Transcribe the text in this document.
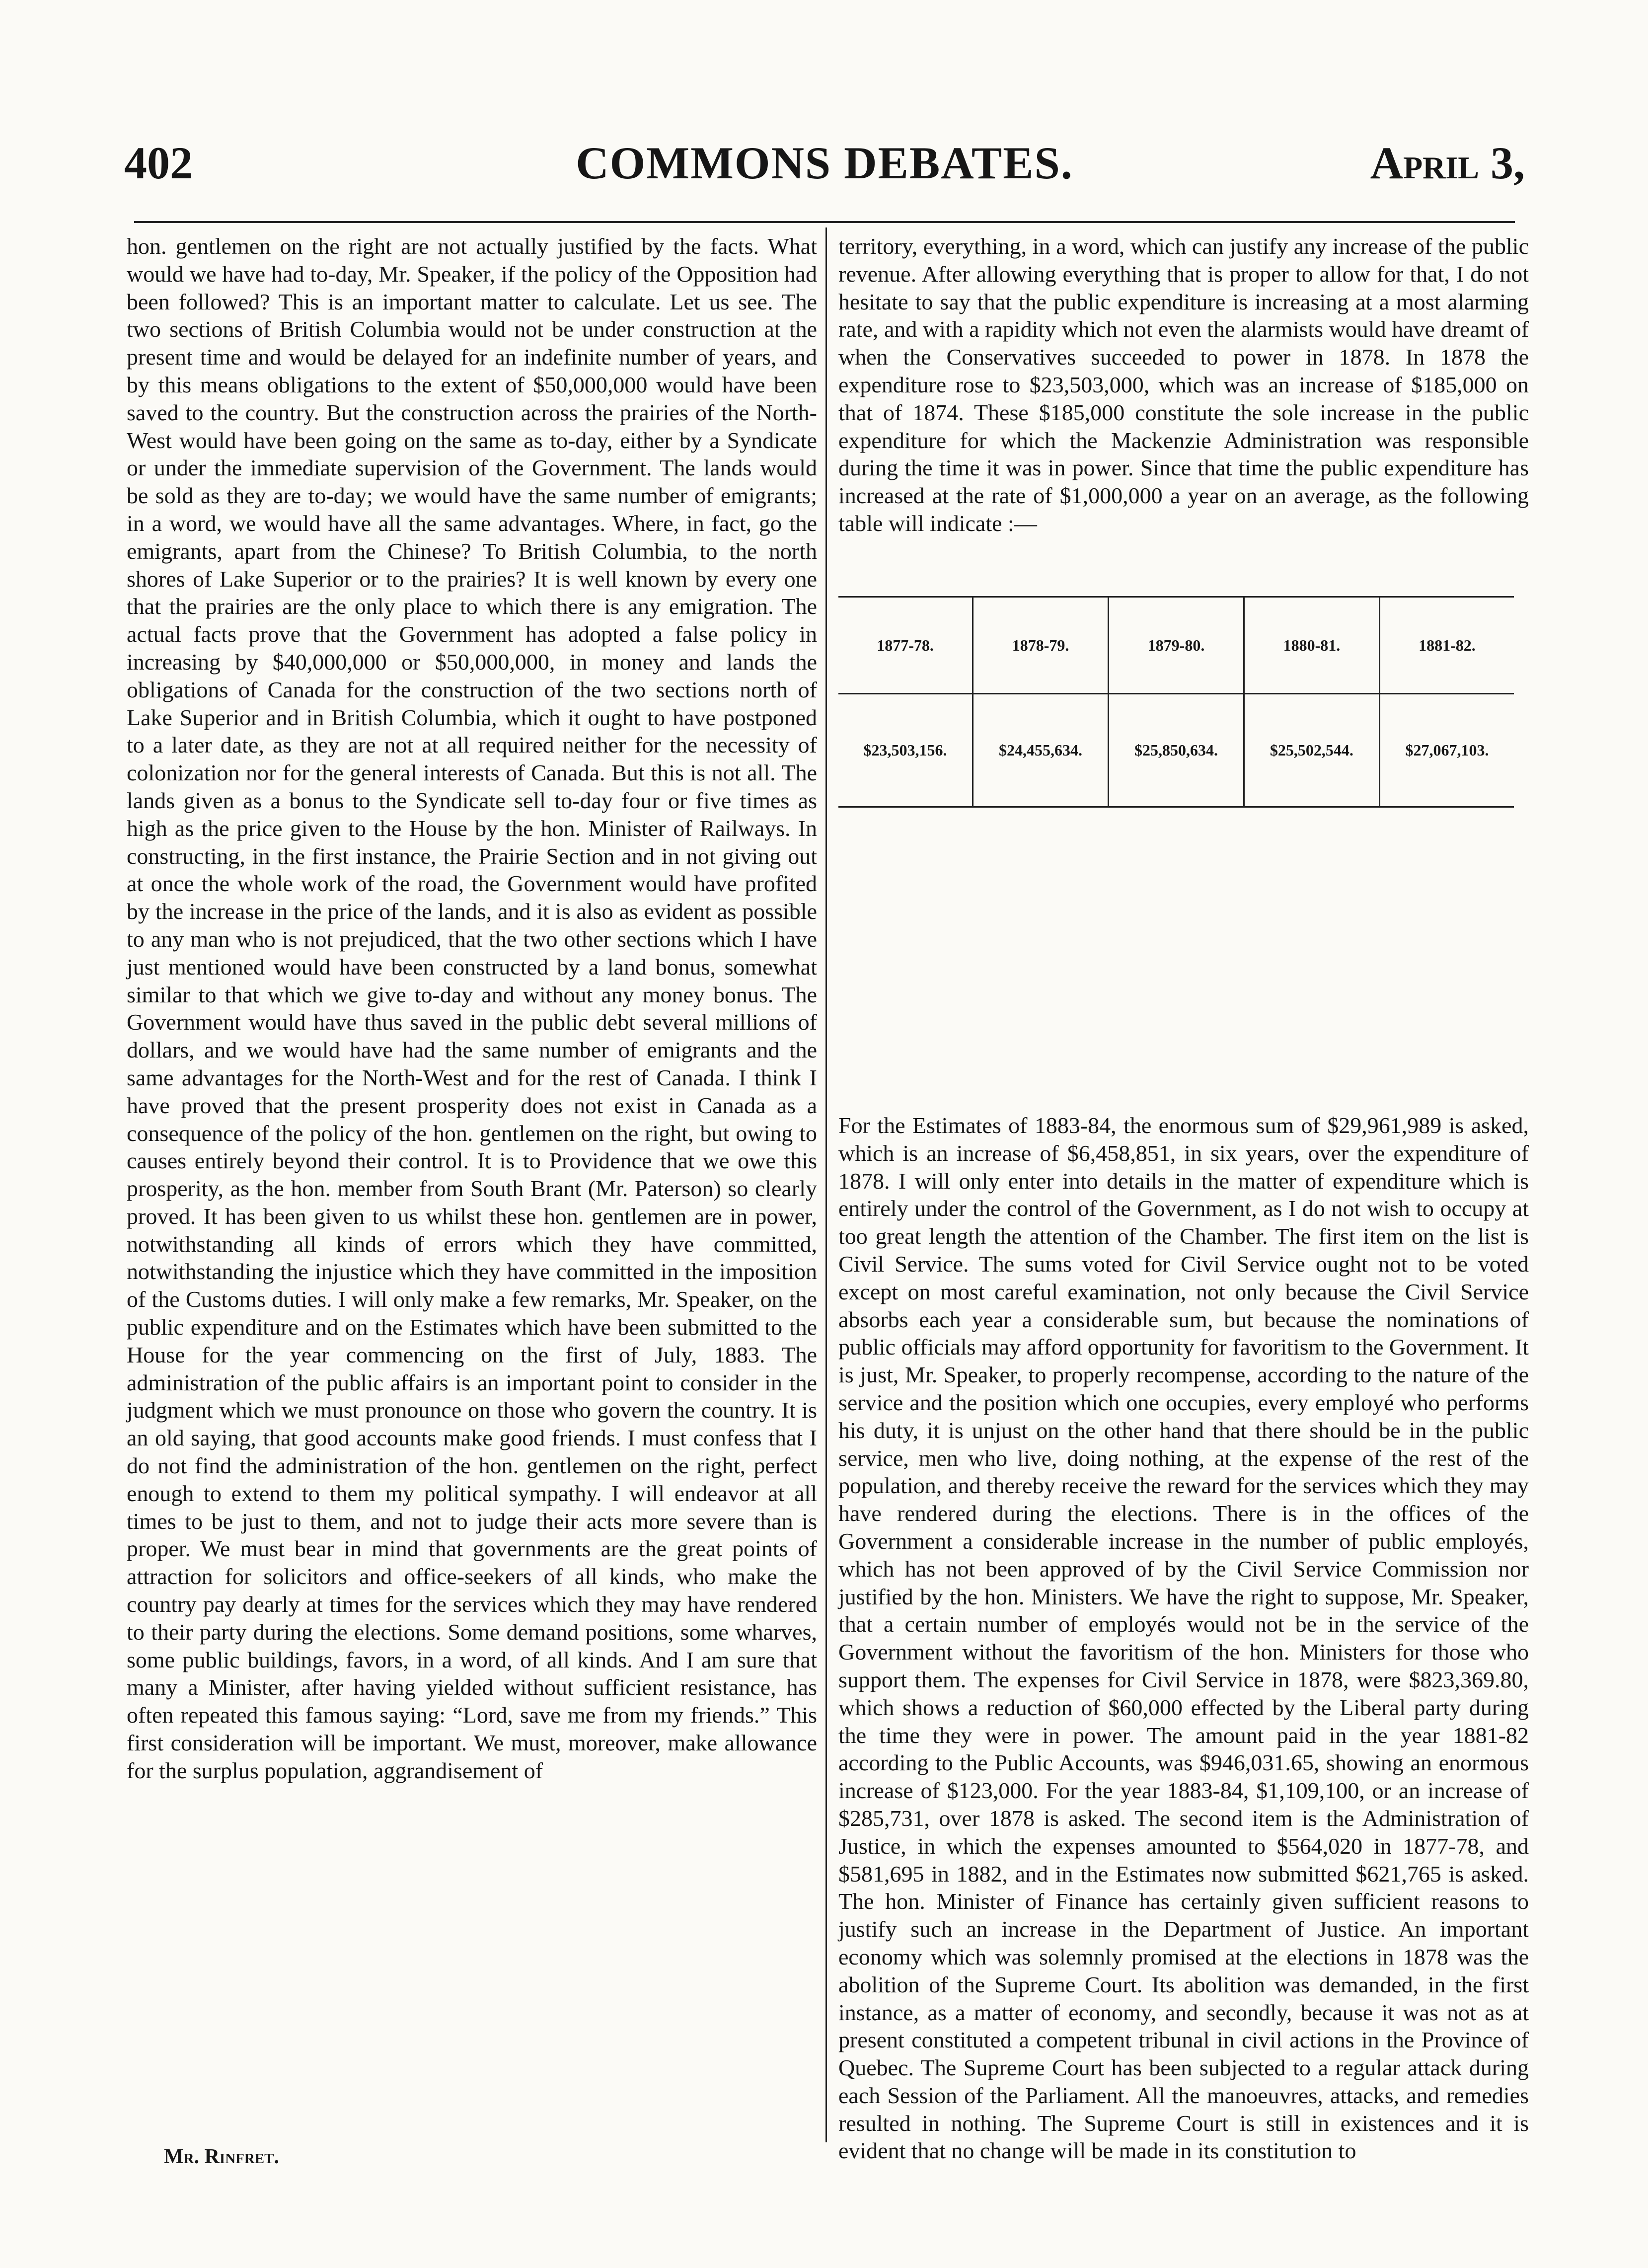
402	COMMONS DEBATES.	April 3,

hon. gentlemen on the right are not actually justified by the facts. What would we have had to-day, Mr. Speaker, if the policy of the Opposition had been followed? This is an important matter to calculate. Let us see. The two sections of British Columbia would not be under construction at the present time and would be delayed for an indefinite number of years, and by this means obligations to the extent of $50,000,000 would have been saved to the country. But the construction across the prairies of the North-West would have been going on the same as to-day, either by a Syndicate or under the immediate supervision of the Government. The lands would be sold as they are to-day; we would have the same number of emigrants; in a word, we would have all the same advantages. Where, in fact, go the emigrants, apart from the Chinese? To British Columbia, to the north shores of Lake Superior or to the prairies? It is well known by every one that the prairies are the only place to which there is any emigration. The actual facts prove that the Government has adopted a false policy in increasing by $40,000,000 or $50,000,000, in money and lands the obligations of Canada for the construction of the two sections north of Lake Superior and in British Columbia, which it ought to have postponed to a later date, as they are not at all required neither for the necessity of colonization nor for the general interests of Canada. But this is not all. The lands given as a bonus to the Syndicate sell to-day four or five times as high as the price given to the House by the hon. Minister of Railways. In constructing, in the first instance, the Prairie Section and in not giving out at once the whole work of the road, the Government would have profited by the increase in the price of the lands, and it is also as evident as possible to any man who is not prejudiced, that the two other sections which I have just mentioned would have been constructed by a land bonus, somewhat similar to that which we give to-day and without any money bonus. The Government would have thus saved in the public debt several millions of dollars, and we would have had the same number of emigrants and the same advantages for the North-West and for the rest of Canada. I think I have proved that the present prosperity does not exist in Canada as a consequence of the policy of the hon. gentlemen on the right, but owing to causes entirely beyond their control. It is to Providence that we owe this prosperity, as the hon. member from South Brant (Mr. Paterson) so clearly proved. It has been given to us whilst these hon. gentlemen are in power, notwithstanding all kinds of errors which they have committed, notwithstanding the injustice which they have committed in the imposition of the Customs duties. I will only make a few remarks, Mr. Speaker, on the public expenditure and on the Estimates which have been submitted to the House for the year commencing on the first of July, 1883. The administration of the public affairs is an important point to consider in the judgment which we must pronounce on those who govern the country. It is an old saying, that good accounts make good friends. I must confess that I do not find the administration of the hon. gentlemen on the right, perfect enough to extend to them my political sympathy. I will endeavor at all times to be just to them, and not to judge their acts more severe than is proper. We must bear in mind that governments are the great points of attraction for solicitors and office-seekers of all kinds, who make the country pay dearly at times for the services which they may have rendered to their party during the elections. Some demand positions, some wharves, some public buildings, favors, in a word, of all kinds. And I am sure that many a Minister, after having yielded without sufficient resistance, has often repeated this famous saying: “Lord, save me from my friends.” This first consideration will be important. We must, moreover, make allowance for the surplus population, aggrandisement of

territory, everything, in a word, which can justify any increase of the public revenue. After allowing everything that is proper to allow for that, I do not hesitate to say that the public expenditure is increasing at a most alarming rate, and with a rapidity which not even the alarmists would have dreamt of when the Conservatives succeeded to power in 1878. In 1878 the expenditure rose to $23,503,000, which was an increase of $185,000 on that of 1874. These $185,000 constitute the sole increase in the public expenditure for which the Mackenzie Administration was responsible during the time it was in power. Since that time the public expenditure has increased at the rate of $1,000,000 a year on an average, as the following table will indicate :—

For the Estimates of 1883-84, the enormous sum of $29,961,989 is asked, which is an increase of $6,458,851, in six years, over the expenditure of 1878. I will only enter into details in the matter of expenditure which is entirely under the control of the Government, as I do not wish to occupy at too great length the attention of the Chamber. The first item on the list is Civil Service. The sums voted for Civil Service ought not to be voted except on most careful examination, not only because the Civil Service absorbs each year a considerable sum, but because the nominations of public officials may afford opportunity for favoritism to the Government. It is just, Mr. Speaker, to properly recompense, according to the nature of the service and the position which one occupies, every employé who performs his duty, it is unjust on the other hand that there should be in the public service, men who live, doing nothing, at the expense of the rest of the population, and thereby receive the reward for the services which they may have rendered during the elections. There is in the offices of the Government a considerable increase in the number of public employés, which has not been approved of by the Civil Service Commission nor justified by the hon. Ministers. We have the right to suppose, Mr. Speaker, that a certain number of employés would not be in the service of the Government without the favoritism of the hon. Ministers for those who support them. The expenses for Civil Service in 1878, were $823,369.80, which shows a reduction of $60,000 effected by the Liberal party during the time they were in power. The amount paid in the year 1881-82 according to the Public Accounts, was $946,031.65, showing an enormous increase of $123,000. For the year 1883-84, $1,109,100, or an increase of $285,731, over 1878 is asked. The second item is the Administration of Justice, in which the expenses amounted to $564,020 in 1877-78, and $581,695 in 1882, and in the Estimates now submitted $621,765 is asked. The hon. Minister of Finance has certainly given sufficient reasons to justify such an increase in the Department of Justice. An important economy which was solemnly promised at the elections in 1878 was the abolition of the Supreme Court. Its abolition was demanded, in the first instance, as a matter of economy, and secondly, because it was not as at present constituted a competent tribunal in civil actions in the Province of Quebec. The Supreme Court has been subjected to a regular attack during each Session of the Parliament. All the manoeuvres, attacks, and remedies resulted in nothing. The Supreme Court is still in existences and it is evident that no change will be made in its constitution to

1877-78.	1878-79.	1879-80.	1880-81.	1881-82.
$23,503,156.	$24,455,634.	$25,850,634.	$25,502,544.	$27,067,103.
Mr. Rinfret.
